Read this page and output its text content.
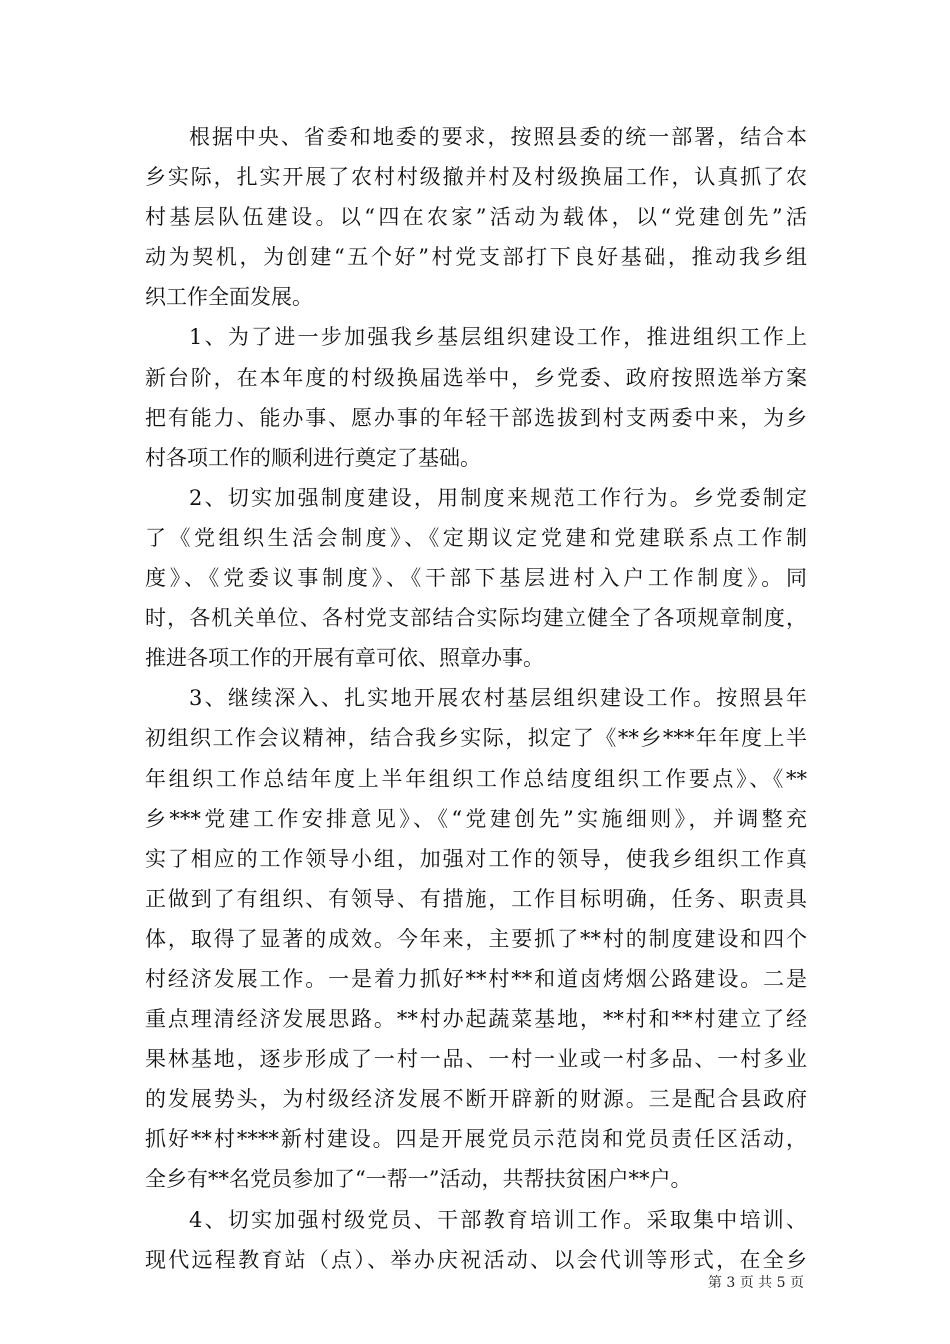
根据中央、省委和地委的要求，按照县委的统一部署，结合本
乡实际，扎实开展了农村村级撤并村及村级换届工作，认真抓了农
村基层队伍建设。以“四在农家”活动为载体，以“党建创先”活
动为契机，为创建“五个好”村党支部打下良好基础，推动我乡组
织工作全面发展。
1、为了进一步加强我乡基层组织建设工作，推进组织工作上
新台阶，在本年度的村级换届选举中，乡党委、政府按照选举方案
把有能力、能办事、愿办事的年轻干部选拔到村支两委中来，为乡
村各项工作的顺利进行奠定了基础。
2、切实加强制度建设，用制度来规范工作行为。乡党委制定
了《党组织生活会制度》、《定期议定党建和党建联系点工作制
度》、《党委议事制度》、《干部下基层进村入户工作制度》。同
时，各机关单位、各村党支部结合实际均建立健全了各项规章制度，
推进各项工作的开展有章可依、照章办事。
3、继续深入、扎实地开展农村基层组织建设工作。按照县年
初组织工作会议精神，结合我乡实际，拟定了《**乡***年年度上半
年组织工作总结年度上半年组织工作总结度组织工作要点》、《**
乡***党建工作安排意见》、《“党建创先”实施细则》，并调整充
实了相应的工作领导小组，加强对工作的领导，使我乡组织工作真
正做到了有组织、有领导、有措施，工作目标明确，任务、职责具
体，取得了显著的成效。今年来，主要抓了**村的制度建设和四个
村经济发展工作。一是着力抓好**村**和道卤烤烟公路建设。二是
重点理清经济发展思路。**村办起蔬菜基地，**村和**村建立了经
果林基地，逐步形成了一村一品、一村一业或一村多品、一村多业
的发展势头，为村级经济发展不断开辟新的财源。三是配合县政府
抓好**村****新村建设。四是开展党员示范岗和党员责任区活动，
全乡有**名党员参加了“一帮一”活动，共帮扶贫困户**户。
4、切实加强村级党员、干部教育培训工作。采取集中培训、
现代远程教育站（点）、举办庆祝活动、以会代训等形式，在全乡
第 3 页 共 5 页
